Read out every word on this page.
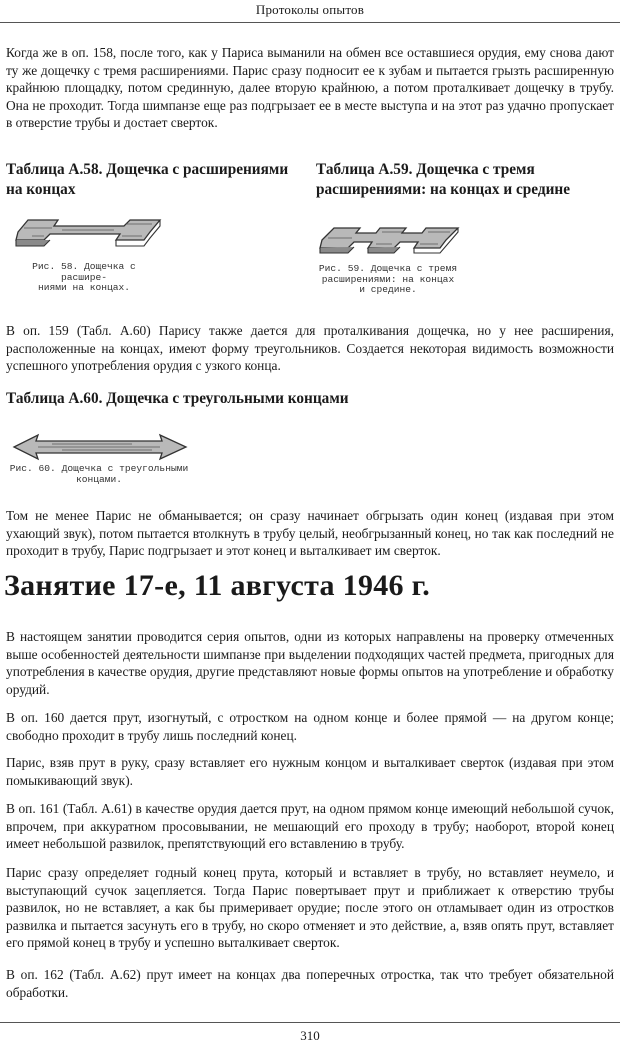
Протоколы опытов

Когда же в оп. 158, после того, как у Париса выманили на обмен все оставшиеся орудия, ему снова дают ту же дощечку с тремя расширениями. Парис сразу подносит ее к зубам и пытается грызть расширенную крайнюю площадку, потом срединную, далее вторую крайнюю, а потом проталкивает дощечку в трубу. Она не проходит. Тогда шимпанзе еще раз подгрызает ее в месте выступа и на этот раз удачно пропускает в отверстие трубы и достает сверток.

Таблица А.58. Дощечка с расширениями

на концах

Таблица А.59. Дощечка с тремя

расширениями: на концах и средине

Рис. 58. Дощечка с расшире-
ниями на концах.
Рис. 59. Дощечка с тремя
расширениями: на концах
и средине.

В оп. 159 (Табл. А.60) Парису также дается для проталкивания дощечка, но у нее расширения, расположенные на концах, имеют форму треугольников. Создается некоторая видимость возможности успешного употребления орудия с узкого конца.

Таблица А.60. Дощечка с треугольными концами

Рис. 60. Дощечка с треугольными
концами.

Том не менее Парис не обманывается; он сразу начинает обгрызать один конец (издавая при этом ухающий звук), потом пытается втолкнуть в трубу целый, необгрызанный конец, но так как последний не проходит в трубу, Парис подгрызает и этот конец и выталкивает им сверток.

Занятие 17-е, 11 августа 1946 г.

В настоящем занятии проводится серия опытов, одни из которых направлены на проверку отмеченных выше особенностей деятельности шимпанзе при выделении подходящих частей предмета, пригодных для употребления в качестве орудия, другие представляют новые формы опытов на употребление и обработку орудий.

В оп. 160 дается прут, изогнутый, с отростком на одном конце и более прямой — на другом конце; свободно проходит в трубу лишь последний конец.

Парис, взяв прут в руку, сразу вставляет его нужным концом и выталкивает сверток (издавая при этом помыкивающий звук).

В оп. 161 (Табл. А.61) в качестве орудия дается прут, на одном прямом конце имеющий небольшой сучок, впрочем, при аккуратном просовывании, не мешающий его проходу в трубу; наоборот, второй конец имеет небольшой развилок, препятствующий его вставлению в трубу.

Парис сразу определяет годный конец прута, который и вставляет в трубу, но вставляет неумело, и выступающий сучок зацепляется. Тогда Парис повертывает прут и приближает к отверстию трубы развилок, но не вставляет, а как бы примеривает орудие; после этого он отламывает один из отростков развилка и пытается засунуть его в трубу, но скоро отменяет и это действие, а, взяв опять прут, вставляет его прямой конец в трубу и успешно выталкивает сверток.

В оп. 162 (Табл. А.62) прут имеет на концах два поперечных отростка, так что требует обязательной обработки.

310
